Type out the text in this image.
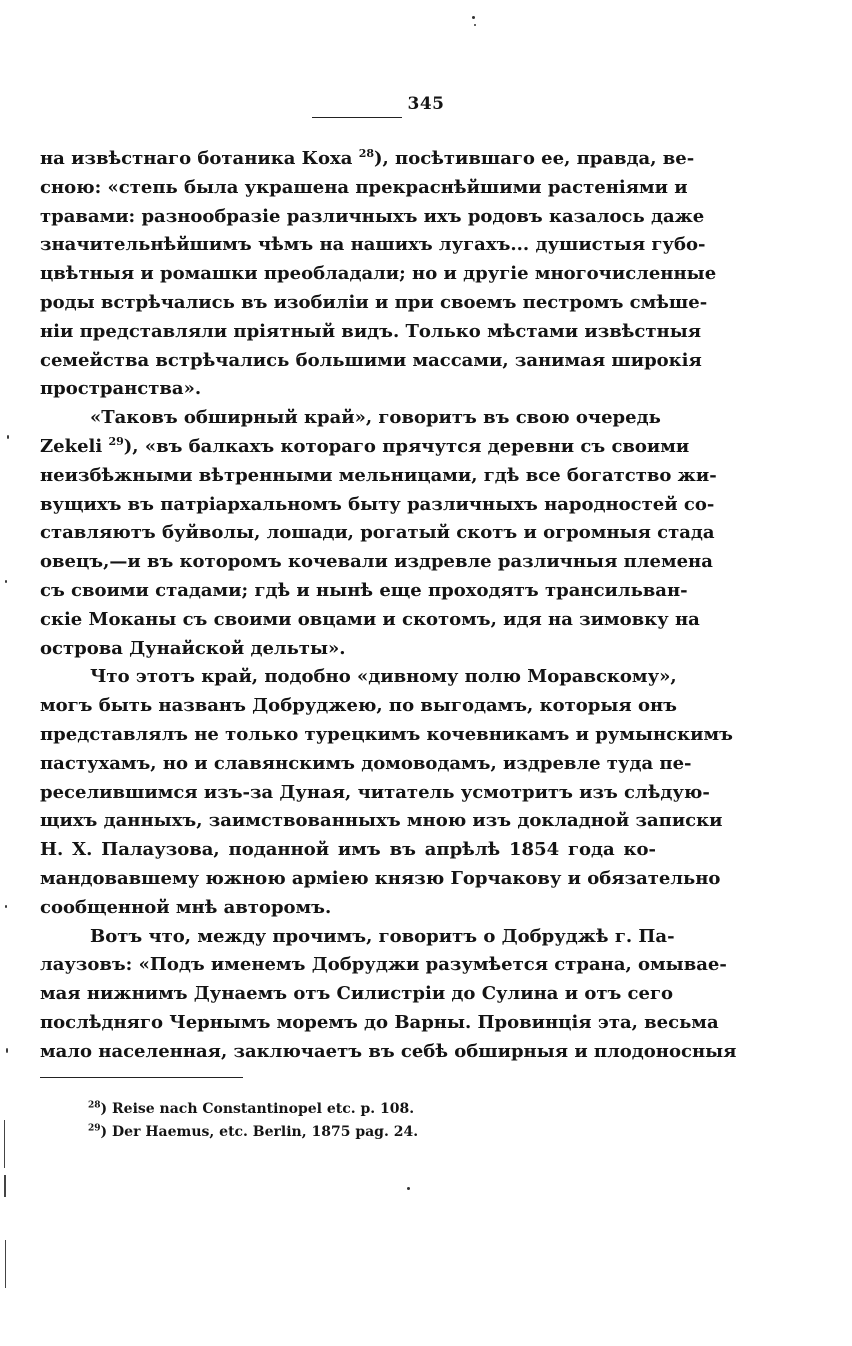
345
на извѣстнаго ботаника Коха $^{28}$), посѣтившаго ее, правда, ве-
сною: «степь была украшена прекраснѣйшими растеніями и
травами: разнообразіе различныхъ ихъ родовъ казалось даже
значительнѣйшимъ чѣмъ на нашихъ лугахъ... душистыя губо-
цвѣтныя и ромашки преобладали; но и другіе многочисленные
роды встрѣчались въ изобиліи и при своемъ пестромъ смѣше-
ніи представляли пріятный видъ. Только мѣстами извѣстныя
семейства встрѣчались большими массами, занимая широкія
пространства».
«Таковъ обширный край», говоритъ въ свою очередь
Zekeli $^{29}$), «въ балкахъ котораго прячутся деревни съ своими
неизбѣжными вѣтренными мельницами, гдѣ все богатство жи-
вущихъ въ патріархальномъ быту различныхъ народностей со-
ставляютъ буйволы, лошади, рогатый скотъ и огромныя стада
овецъ,—и въ которомъ кочевали издревле различныя племена
съ своими стадами; гдѣ и нынѣ еще проходятъ трансильван-
скіе Моканы съ своими овцами и скотомъ, идя на зимовку на
острова Дунайской дельты».
Что этотъ край, подобно «дивному полю Моравскому»,
могъ быть названъ Добруджею, по выгодамъ, которыя онъ
представлялъ не только турецкимъ кочевникамъ и румынскимъ
пастухамъ, но и славянскимъ домоводамъ, издревле туда пе-
реселившимся изъ-за Дуная, читатель усмотритъ изъ слѣдую-
щихъ данныхъ, заимствованныхъ мною изъ докладной записки
Н. Х. Палаузова, поданной имъ въ апрѣлѣ 1854 года ко-
мандовавшему южною арміею князю Горчакову и обязательно
сообщенной мнѣ авторомъ.
Вотъ что, между прочимъ, говоритъ о Добруджѣ г. Па-
лаузовъ: «Подъ именемъ Добруджи разумѣется страна, омывае-
мая нижнимъ Дунаемъ отъ Силистріи до Сулина и отъ сего
послѣдняго Чернымъ моремъ до Варны. Провинція эта, весьма
мало населенная, заключаетъ въ себѣ обширныя и плодоносныя
$^{28}$) Reise nach Constantinopel etc. p. 108.
$^{29}$) Der Haemus, etc. Berlin, 1875 pag. 24.
